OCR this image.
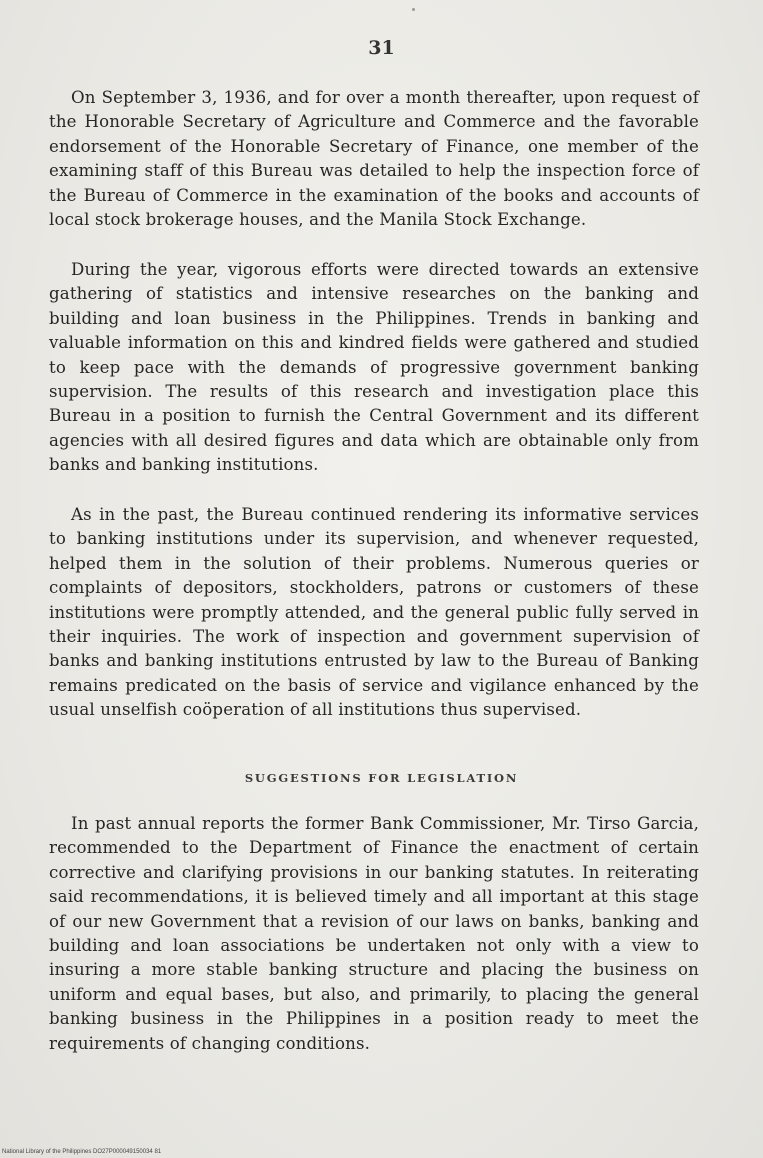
31

On September 3, 1936, and for over a month thereafter, upon request of the Honorable Secretary of Agriculture and Commerce and the favorable endorsement of the Honorable Secretary of Finance, one member of the examining staff of this Bureau was detailed to help the inspection force of the Bureau of Commerce in the examination of the books and accounts of local stock brokerage houses, and the Manila Stock Exchange.

During the year, vigorous efforts were directed towards an extensive gathering of statistics and intensive researches on the banking and building and loan business in the Philippines. Trends in banking and valuable information on this and kindred fields were gathered and studied to keep pace with the demands of progressive government banking supervision. The results of this research and investigation place this Bureau in a position to furnish the Central Government and its different agencies with all desired figures and data which are obtainable only from banks and banking institutions.

As in the past, the Bureau continued rendering its informative services to banking institutions under its supervision, and whenever requested, helped them in the solution of their problems. Numerous queries or complaints of depositors, stockholders, patrons or customers of these institutions were promptly attended, and the general public fully served in their inquiries. The work of inspection and government supervision of banks and banking institutions entrusted by law to the Bureau of Banking remains predicated on the basis of service and vigilance enhanced by the usual unselfish coöperation of all institutions thus supervised.

SUGGESTIONS FOR LEGISLATION

In past annual reports the former Bank Commissioner, Mr. Tirso Garcia, recommended to the Department of Finance the enactment of certain corrective and clarifying provisions in our banking statutes. In reiterating said recommendations, it is believed timely and all important at this stage of our new Government that a revision of our laws on banks, banking and building and loan associations be undertaken not only with a view to insuring a more stable banking structure and placing the business on uniform and equal bases, but also, and primarily, to placing the general banking business in the Philippines in a position ready to meet the requirements of changing conditions.

National Library of the Philippines DO27P000049150034 81
